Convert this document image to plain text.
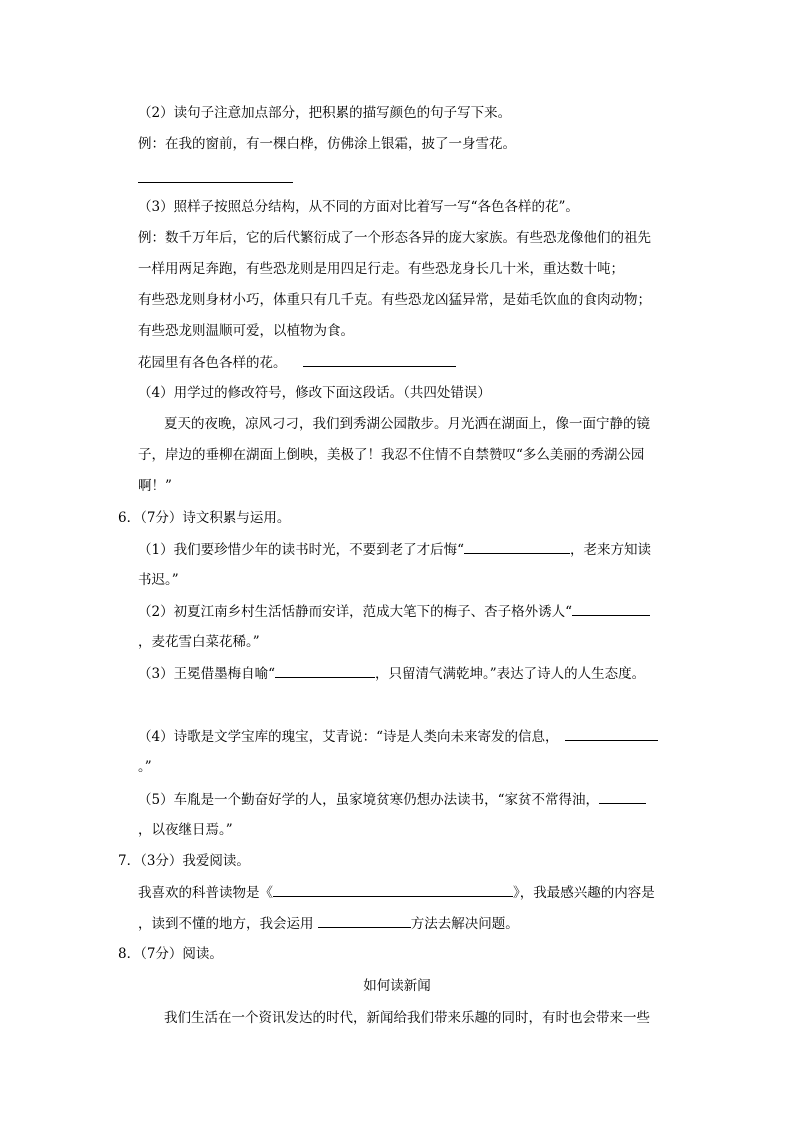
（2）读句子注意加点部分，把积累的描写颜色的句子写下来。
例：在我的窗前，有一棵白桦，仿佛涂上银霜，披了一身雪花。
（3）照样子按照总分结构，从不同的方面对比着写一写“各色各样的花”。
例：数千万年后，它的后代繁衍成了一个形态各异的庞大家族。有些恐龙像他们的祖先
一样用两足奔跑，有些恐龙则是用四足行走。有些恐龙身长几十米，重达数十吨；
有些恐龙则身材小巧，体重只有几千克。有些恐龙凶猛异常，是茹毛饮血的食肉动物；
有些恐龙则温顺可爱，以植物为食。
花园里有各色各样的花。
（4）用学过的修改符号，修改下面这段话。（共四处错误）
夏天的夜晚，凉风刁刁，我们到秀湖公园散步。月光洒在湖面上，像一面宁静的镜
子，岸边的垂柳在湖面上倒映，美极了！我忍不住情不自禁赞叹“多么美丽的秀湖公园
啊！”
6．（7分）诗文积累与运用。
（1）我们要珍惜少年的读书时光，不要到老了才后悔“	，老来方知读
书迟。”
（2）初夏江南乡村生活恬静而安详，范成大笔下的梅子、杏子格外诱人“
，麦花雪白菜花稀。”
（3）王冕借墨梅自喻“	，只留清气满乾坤。”表达了诗人的人生态度。
（4）诗歌是文学宝库的瑰宝，艾青说：“诗是人类向未来寄发的信息，
。”
（5）车胤是一个勤奋好学的人，虽家境贫寒仍想办法读书，“家贫不常得油，
，以夜继日焉。”
7．（3分）我爱阅读。
我喜欢的科普读物是《	》，我最感兴趣的内容是
，读到不懂的地方，我会运用	方法去解决问题。
8．（7分）阅读。
如何读新闻
我们生活在一个资讯发达的时代，新闻给我们带来乐趣的同时，有时也会带来一些
